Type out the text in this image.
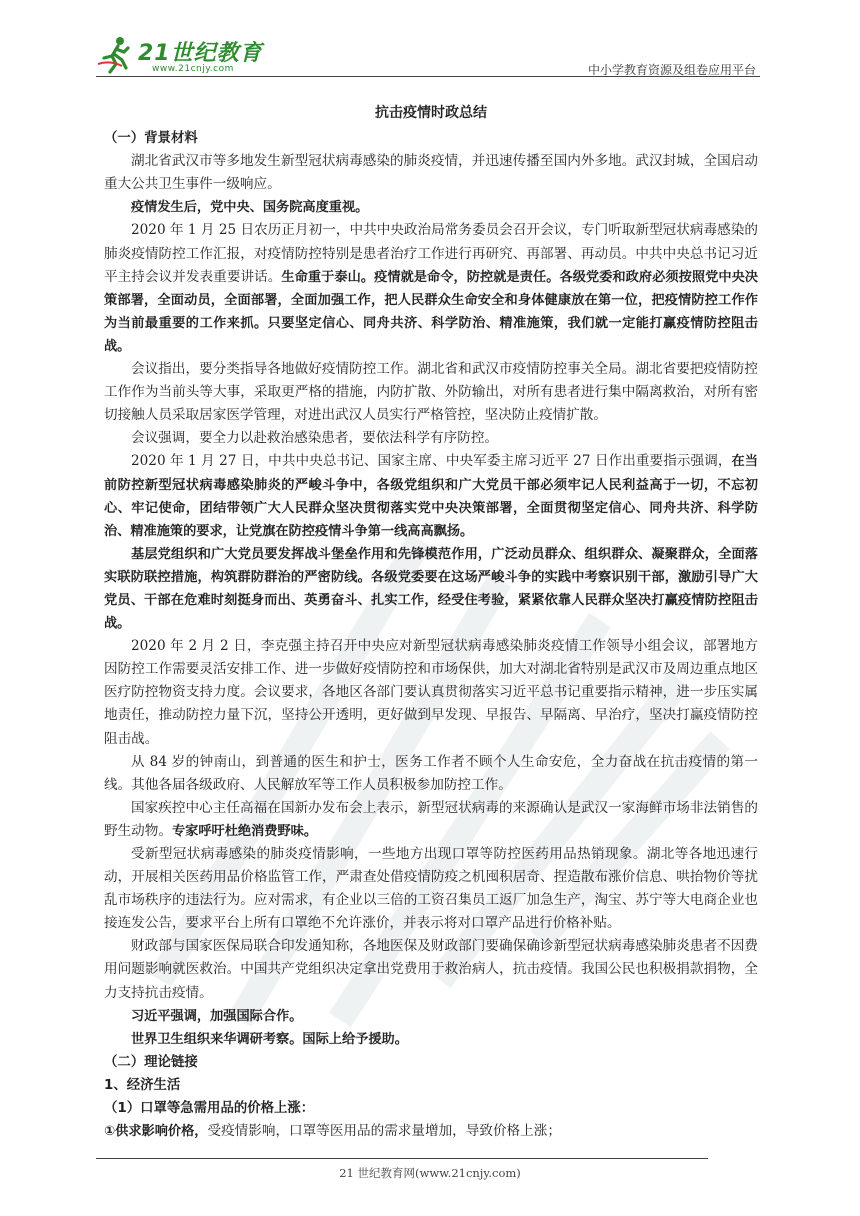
21世纪教育
www.21cnjy.com	中小学教育资源及组卷应用平台
抗击疫情时政总结
（一）背景材料

湖北省武汉市等多地发生新型冠状病毒感染的肺炎疫情，并迅速传播至国内外多地。武汉封城，全国启动重大公共卫生事件一级响应。

疫情发生后，党中央、国务院高度重视。

2020 年 1 月 25 日农历正月初一，中共中央政治局常务委员会召开会议，专门听取新型冠状病毒感染的肺炎疫情防控工作汇报，对疫情防控特别是患者治疗工作进行再研究、再部署、再动员。中共中央总书记习近平主持会议并发表重要讲话。生命重于泰山。疫情就是命令，防控就是责任。各级党委和政府必须按照党中央决策部署，全面动员，全面部署，全面加强工作，把人民群众生命安全和身体健康放在第一位，把疫情防控工作作为当前最重要的工作来抓。只要坚定信心、同舟共济、科学防治、精准施策，我们就一定能打赢疫情防控阻击战。

会议指出，要分类指导各地做好疫情防控工作。湖北省和武汉市疫情防控事关全局。湖北省要把疫情防控工作作为当前头等大事，采取更严格的措施，内防扩散、外防输出，对所有患者进行集中隔离救治，对所有密切接触人员采取居家医学管理，对进出武汉人员实行严格管控，坚决防止疫情扩散。

会议强调，要全力以赴救治感染患者，要依法科学有序防控。

2020 年 1 月 27 日，中共中央总书记、国家主席、中央军委主席习近平 27 日作出重要指示强调，在当前防控新型冠状病毒感染肺炎的严峻斗争中，各级党组织和广大党员干部必须牢记人民利益高于一切，不忘初心、牢记使命，团结带领广大人民群众坚决贯彻落实党中央决策部署，全面贯彻坚定信心、同舟共济、科学防治、精准施策的要求，让党旗在防控疫情斗争第一线高高飘扬。

基层党组织和广大党员要发挥战斗堡垒作用和先锋模范作用，广泛动员群众、组织群众、凝聚群众，全面落实联防联控措施，构筑群防群治的严密防线。各级党委要在这场严峻斗争的实践中考察识别干部，激励引导广大党员、干部在危难时刻挺身而出、英勇奋斗、扎实工作，经受住考验，紧紧依靠人民群众坚决打赢疫情防控阻击战。

2020 年 2 月 2 日，李克强主持召开中央应对新型冠状病毒感染肺炎疫情工作领导小组会议，部署地方因防控工作需要灵活安排工作、进一步做好疫情防控和市场保供，加大对湖北省特别是武汉市及周边重点地区医疗防控物资支持力度。会议要求，各地区各部门要认真贯彻落实习近平总书记重要指示精神，进一步压实属地责任，推动防控力量下沉，坚持公开透明，更好做到早发现、早报告、早隔离、早治疗，坚决打赢疫情防控阻击战。

从 84 岁的钟南山，到普通的医生和护士，医务工作者不顾个人生命安危，全力奋战在抗击疫情的第一线。其他各届各级政府、人民解放军等工作人员积极参加防控工作。

国家疾控中心主任高福在国新办发布会上表示，新型冠状病毒的来源确认是武汉一家海鲜市场非法销售的野生动物。专家呼吁杜绝消费野味。

受新型冠状病毒感染的肺炎疫情影响，一些地方出现口罩等防控医药用品热销现象。湖北等各地迅速行动，开展相关医药用品价格监管工作，严肃查处借疫情防疫之机囤积居奇、捏造散布涨价信息、哄抬物价等扰乱市场秩序的违法行为。应对需求，有企业以三倍的工资召集员工返厂加急生产，淘宝、苏宁等大电商企业也接连发公告，要求平台上所有口罩绝不允许涨价，并表示将对口罩产品进行价格补贴。

财政部与国家医保局联合印发通知称，各地医保及财政部门要确保确诊新型冠状病毒感染肺炎患者不因费用问题影响就医救治。中国共产党组织决定拿出党费用于救治病人，抗击疫情。我国公民也积极捐款捐物，全力支持抗击疫情。

习近平强调，加强国际合作。

世界卫生组织来华调研考察。国际上给予援助。

（二）理论链接
1、经济生活
（1）口罩等急需用品的价格上涨：
①供求影响价格，受疫情影响，口罩等医用品的需求量增加，导致价格上涨；
21 世纪教育网(www.21cnjy.com)
